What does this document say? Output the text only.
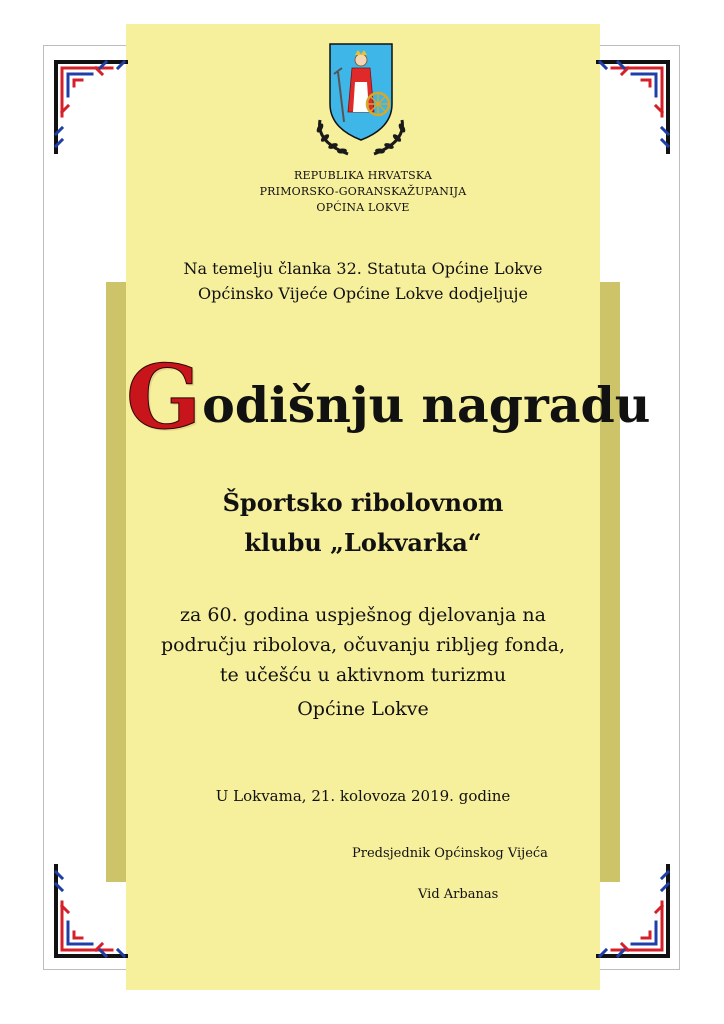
REPUBLIKA HRVATSKA

PRIMORSKO-GORANSKAŽUPANIJA

OPĆINA LOKVE

Na temelju članka 32. Statuta Općine Lokve

Općinsko Vijeće Općine Lokve dodjeljuje

Godišnju nagradu

Športsko ribolovnom

klubu „Lokvarka“

za 60. godina uspješnog djelovanja na

području ribolova, očuvanju ribljeg fonda,

te učešću u aktivnom turizmu

Općine Lokve

U Lokvama, 21. kolovoza 2019. godine

Predsjednik Općinskog Vijeća

Vid Arbanas
